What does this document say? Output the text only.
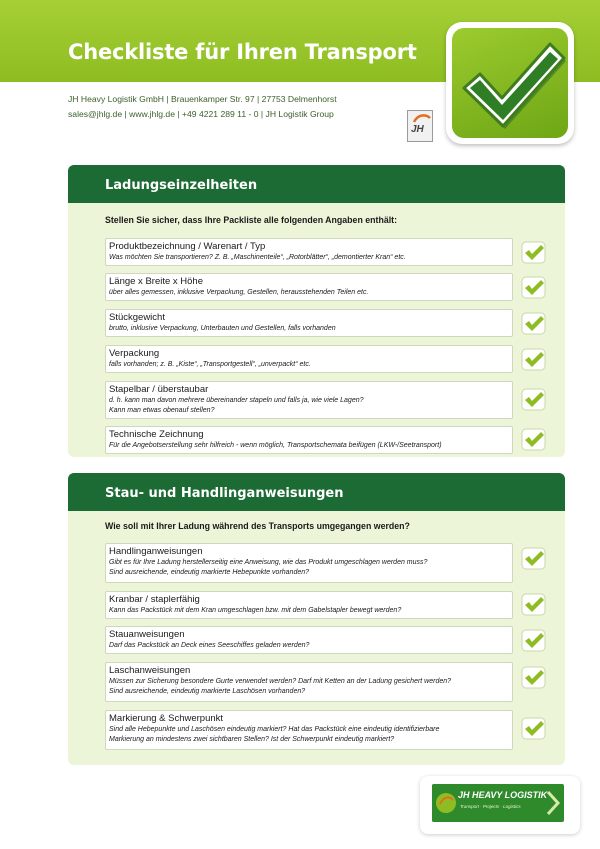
Checkliste für Ihren Transport
JH Heavy Logistik GmbH | Brauenkamper Str. 97 | 27753 Delmenhorst
sales@jhlg.de | www.jhlg.de | +49 4221 289 11 - 0 | JH Logistik Group
JH
Ladungseinzelheiten
Stellen Sie sicher, dass Ihre Packliste alle folgenden Angaben enthält:
Produktbezeichnung / Warenart / Typ
Was möchten Sie transportieren? Z. B. „Maschinenteile“, „Rotorblätter“, „demontierter Kran“ etc.
Länge x Breite x Höhe
über alles gemessen, inklusive Verpackung, Gestellen, herausstehenden Teilen etc.
Stückgewicht
brutto, inklusive Verpackung, Unterbauten und Gestellen, falls vorhanden
Verpackung
falls vorhanden; z. B. „Kiste“, „Transportgestell“, „unverpackt“ etc.
Stapelbar / überstaubar
d. h. kann man davon mehrere übereinander stapeln und falls ja, wie viele Lagen?
Kann man etwas obenauf stellen?
Technische Zeichnung
Für die Angebotserstellung sehr hilfreich - wenn möglich, Transportschemata beifügen (LKW-/Seetransport)
Stau- und Handlinganweisungen
Wie soll mit Ihrer Ladung während des Transports umgegangen werden?
Handlinganweisungen
Gibt es für Ihre Ladung herstellerseitig eine Anweisung, wie das Produkt umgeschlagen werden muss?
Sind ausreichende, eindeutig markierte Hebepunkte vorhanden?
Kranbar / staplerfähig
Kann das Packstück mit dem Kran umgeschlagen bzw. mit dem Gabelstapler bewegt werden?
Stauanweisungen
Darf das Packstück an Deck eines Seeschiffes geladen werden?
Laschanweisungen
Müssen zur Sicherung besondere Gurte verwendet werden? Darf mit Ketten an der Ladung gesichert werden?
Sind ausreichende, eindeutig markierte Laschösen vorhanden?
Markierung & Schwerpunkt
Sind alle Hebepunkte und Laschösen eindeutig markiert? Hat das Packstück eine eindeutig identifizierbare
Markierung an mindestens zwei sichtbaren Stellen? Ist der Schwerpunkt eindeutig markiert?
JH HEAVY LOGISTIK
Transport · Projects · Logistics
